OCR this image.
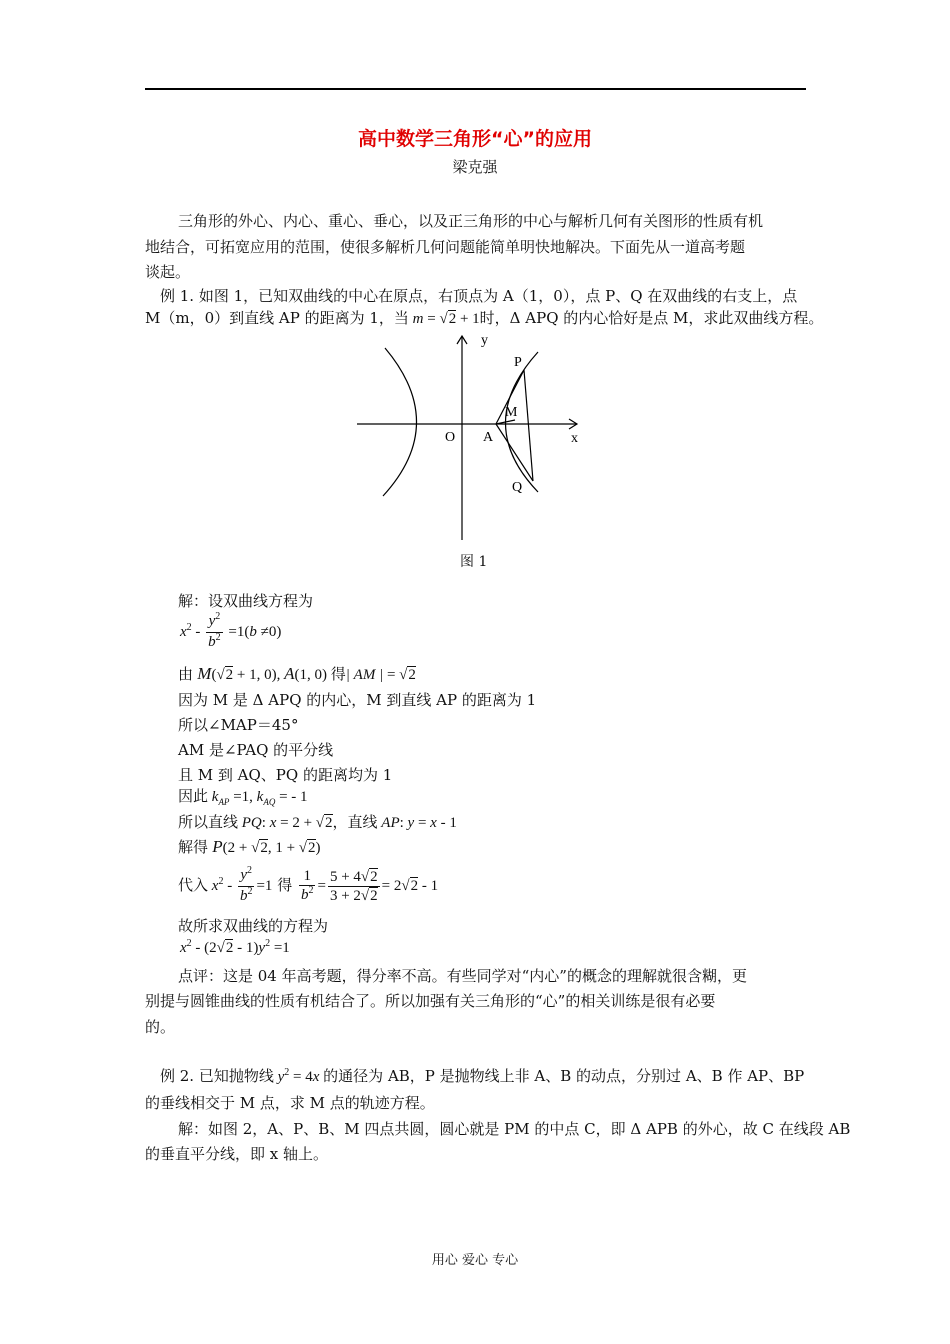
高中数学三角形“心”的应用
梁克强
三角形的外心、内心、重心、垂心，以及正三角形的中心与解析几何有关图形的性质有机
地结合，可拓宽应用的范围，使很多解析几何问题能简单明快地解决。下面先从一道高考题
谈起。
例 1. 如图 1，已知双曲线的中心在原点，右顶点为 A（1，0），点 P、Q 在双曲线的右支上，点
M（m，0）到直线 AP 的距离为 1，当 m = √2 + 1时，Δ APQ 的内心恰好是点 M，求此双曲线方程。
y
x
O A
P
M
Q
图 1
解：设双曲线方程为
$x^2 - \frac{y^2}{b^2} =1(b \ne 0)$
由 M(√2 + 1, 0), A(1, 0) 得| AM | = √2
因为 M 是 Δ APQ 的内心，M 到直线 AP 的距离为 1
所以∠MAP＝45°
AM 是∠PAQ 的平分线
且 M 到 AQ、PQ 的距离均为 1
因此 $k_{AP} =1$, $k_{AQ}$ = - 1
所以直线 PQ: x = 2 + √2，直线 AP: y = x - 1
解得 P(2 + √2, 1 + √2)
代入 $x^2 - \frac{y^2}{b^2} =1$ 得 $\frac{1}{b^2} = \frac{5 + 4√2}{3 + 2√2} = 2√2 - 1$
故所求双曲线的方程为
$x^2 - (2√2 - 1)y^2 =1$
点评：这是 04 年高考题，得分率不高。有些同学对“内心”的概念的理解就很含糊，更
别提与圆锥曲线的性质有机结合了。所以加强有关三角形的“心”的相关训练是很有必要
的。
例 2. 已知抛物线 $y^2 = 4x$ 的通径为 AB，P 是抛物线上非 A、B 的动点，分别过 A、B 作 AP、BP
的垂线相交于 M 点，求 M 点的轨迹方程。
解：如图 2，A、P、B、M 四点共圆，圆心就是 PM 的中点 C，即 Δ APB 的外心，故 C 在线段 AB
的垂直平分线，即 x 轴上。
用心 爱心 专心
